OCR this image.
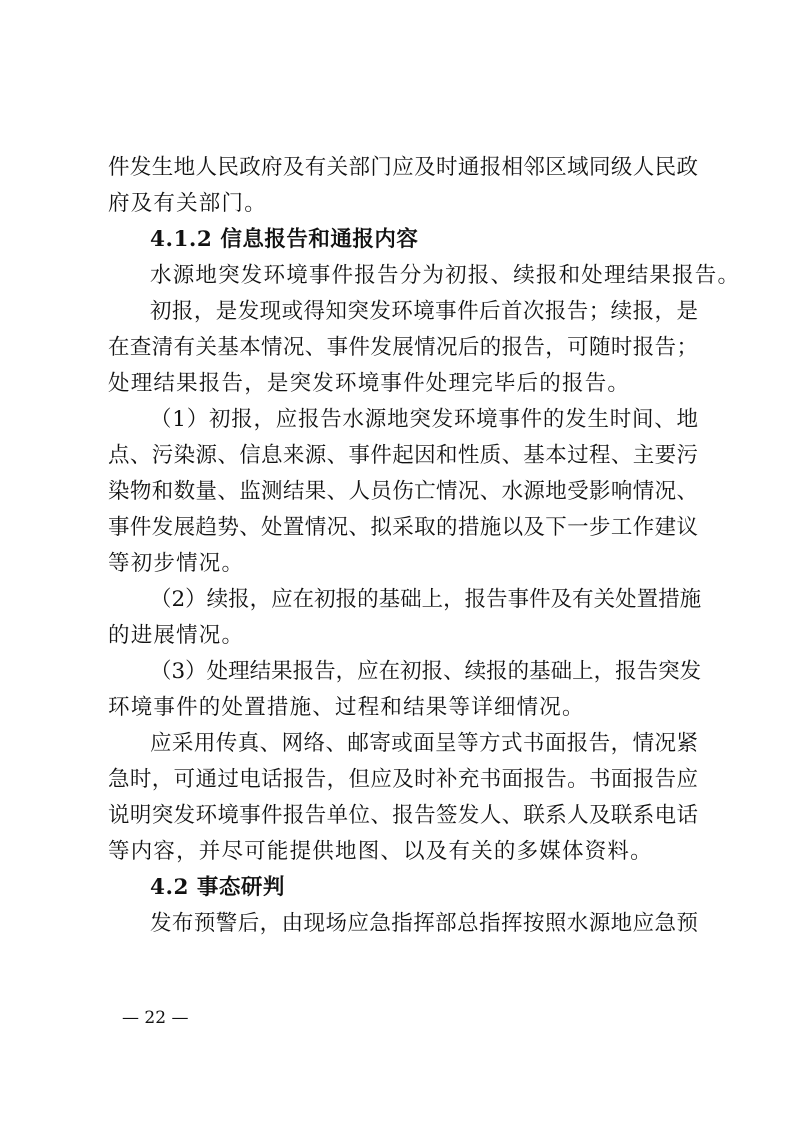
件发生地人民政府及有关部门应及时通报相邻区域同级人民政
府及有关部门。
4.1.2 信息报告和通报内容
水源地突发环境事件报告分为初报、续报和处理结果报告。
初报，是发现或得知突发环境事件后首次报告；续报，是
在查清有关基本情况、事件发展情况后的报告，可随时报告；
处理结果报告，是突发环境事件处理完毕后的报告。
（1）初报，应报告水源地突发环境事件的发生时间、地
点、污染源、信息来源、事件起因和性质、基本过程、主要污
染物和数量、监测结果、人员伤亡情况、水源地受影响情况、
事件发展趋势、处置情况、拟采取的措施以及下一步工作建议
等初步情况。
（2）续报，应在初报的基础上，报告事件及有关处置措施
的进展情况。
（3）处理结果报告，应在初报、续报的基础上，报告突发
环境事件的处置措施、过程和结果等详细情况。
应采用传真、网络、邮寄或面呈等方式书面报告，情况紧
急时，可通过电话报告，但应及时补充书面报告。书面报告应
说明突发环境事件报告单位、报告签发人、联系人及联系电话
等内容，并尽可能提供地图、以及有关的多媒体资料。
4.2 事态研判
发布预警后，由现场应急指挥部总指挥按照水源地应急预
— 22 —
